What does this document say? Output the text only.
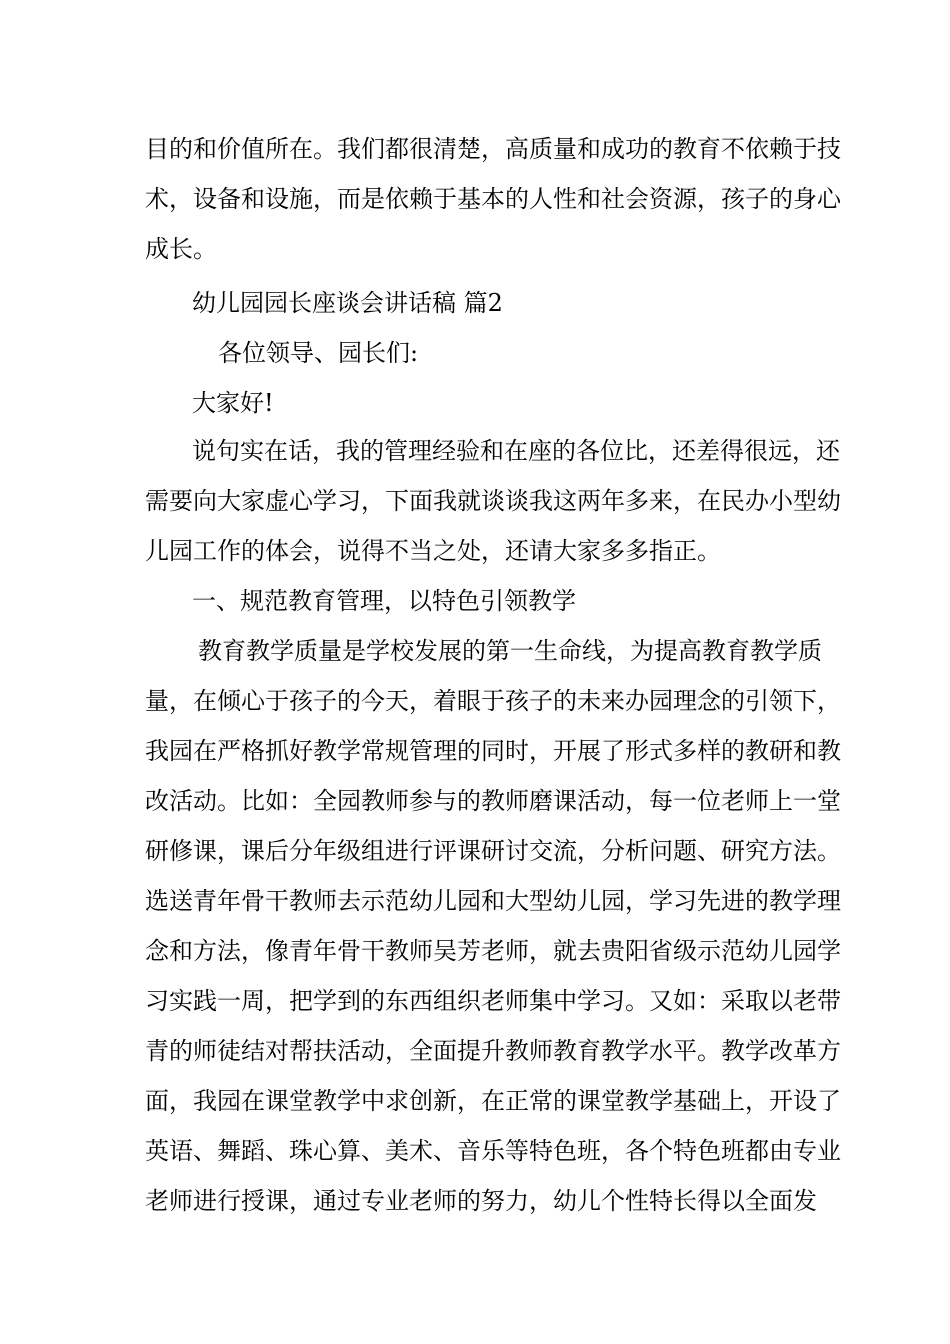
目的和价值所在。我们都很清楚，高质量和成功的教育不依赖于技
术，设备和设施，而是依赖于基本的人性和社会资源，孩子的身心
成长。
幼儿园园长座谈会讲话稿 篇2
各位领导、园长们:
大家好!
说句实在话，我的管理经验和在座的各位比，还差得很远，还
需要向大家虚心学习，下面我就谈谈我这两年多来，在民办小型幼
儿园工作的体会，说得不当之处，还请大家多多指正。
一、规范教育管理，以特色引领教学
教育教学质量是学校发展的第一生命线，为提高教育教学质
量，在倾心于孩子的今天，着眼于孩子的未来办园理念的引领下，
我园在严格抓好教学常规管理的同时，开展了形式多样的教研和教
改活动。比如：全园教师参与的教师磨课活动，每一位老师上一堂
研修课，课后分年级组进行评课研讨交流，分析问题、研究方法。
选送青年骨干教师去示范幼儿园和大型幼儿园，学习先进的教学理
念和方法，像青年骨干教师吴芳老师，就去贵阳省级示范幼儿园学
习实践一周，把学到的东西组织老师集中学习。又如：采取以老带
青的师徒结对帮扶活动，全面提升教师教育教学水平。教学改革方
面，我园在课堂教学中求创新，在正常的课堂教学基础上，开设了
英语、舞蹈、珠心算、美术、音乐等特色班，各个特色班都由专业
老师进行授课，通过专业老师的努力，幼儿个性特长得以全面发
